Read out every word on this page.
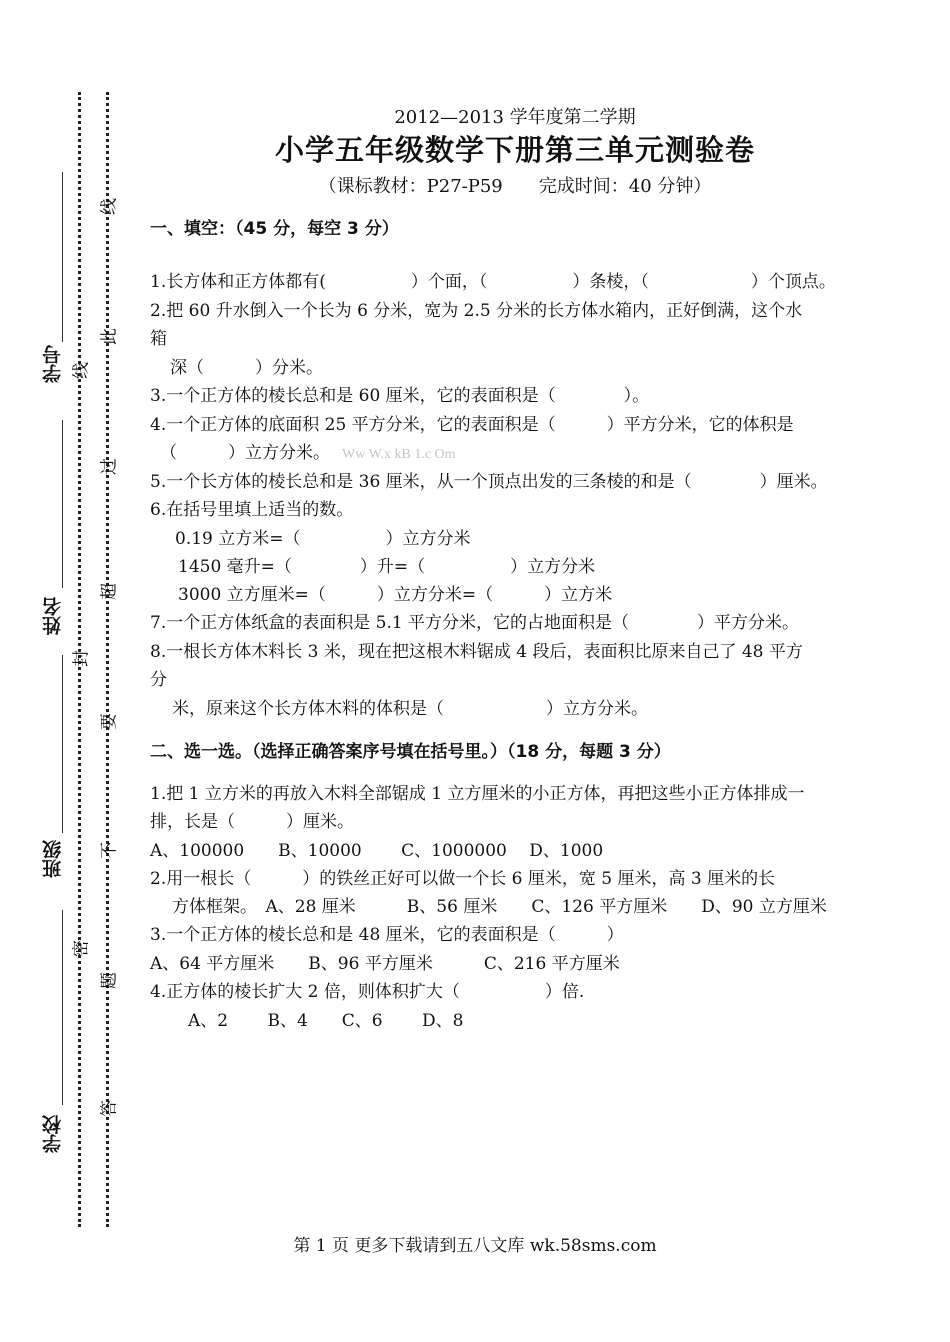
学号
姓名
班级
学校
线
封
密
线
此
过
超
要
不
题
答
2012—2013 学年度第二学期
小学五年级数学下册第三单元测验卷
（课标教材：P27-P59　　完成时间：40 分钟）
一、填空：（45 分，每空 3 分）
1.长方体和正方体都有(　　　　　）个面，（　　　　　）条棱，（　　　　　　）个顶点。
2.把 60 升水倒入一个长为 6 分米，宽为 2.5 分米的长方体水箱内，正好倒满，这个水
箱
深（　　　）分米。
3.一个正方体的棱长总和是 60 厘米，它的表面积是（　　　　）。
4.一个正方体的底面积 25 平方分米，它的表面积是（　　　）平方分米，它的体积是
（　　　）立方分米。 Ww W.x kB 1.c Om
5.一个长方体的棱长总和是 36 厘米，从一个顶点出发的三条棱的和是（　　　　）厘米。
6.在括号里填上适当的数。
0.19 立方米=（　　　　　）立方分米
1450 毫升=（　　　　）升=（　　　　　）立方分米
3000 立方厘米=（　　　）立方分米=（　　　）立方米
7.一个正方体纸盒的表面积是 5.1 平方分米，它的占地面积是（　　　　）平方分米。
8.一根长方体木料长 3 米，现在把这根木料锯成 4 段后，表面积比原来自己了 48 平方
分
米，原来这个长方体木料的体积是（　　　　　　）立方分米。
二、选一选。（选择正确答案序号填在括号里。）（18 分，每题 3 分）
1.把 1 立方米的再放入木料全部锯成 1 立方厘米的小正方体，再把这些小正方体排成一
排，长是（　　　）厘米。
A、100000　　B、10000　　 C、1000000　 D、1000
2.用一根长（　　　）的铁丝正好可以做一个长 6 厘米，宽 5 厘米，高 3 厘米的长
方体框架。　A、28 厘米　　　B、56 厘米　　C、126 平方厘米　　D、90 立方厘米
3.一个正方体的棱长总和是 48 厘米，它的表面积是（　　　）
A、64 平方厘米　　B、96 平方厘米　　　C、216 平方厘米
4.正方体的棱长扩大 2 倍，则体积扩大（　　　　　）倍.
A、2　　 B、4　　C、6　　 D、8
第 1 页 更多下载请到五八文库 wk.58sms.com
